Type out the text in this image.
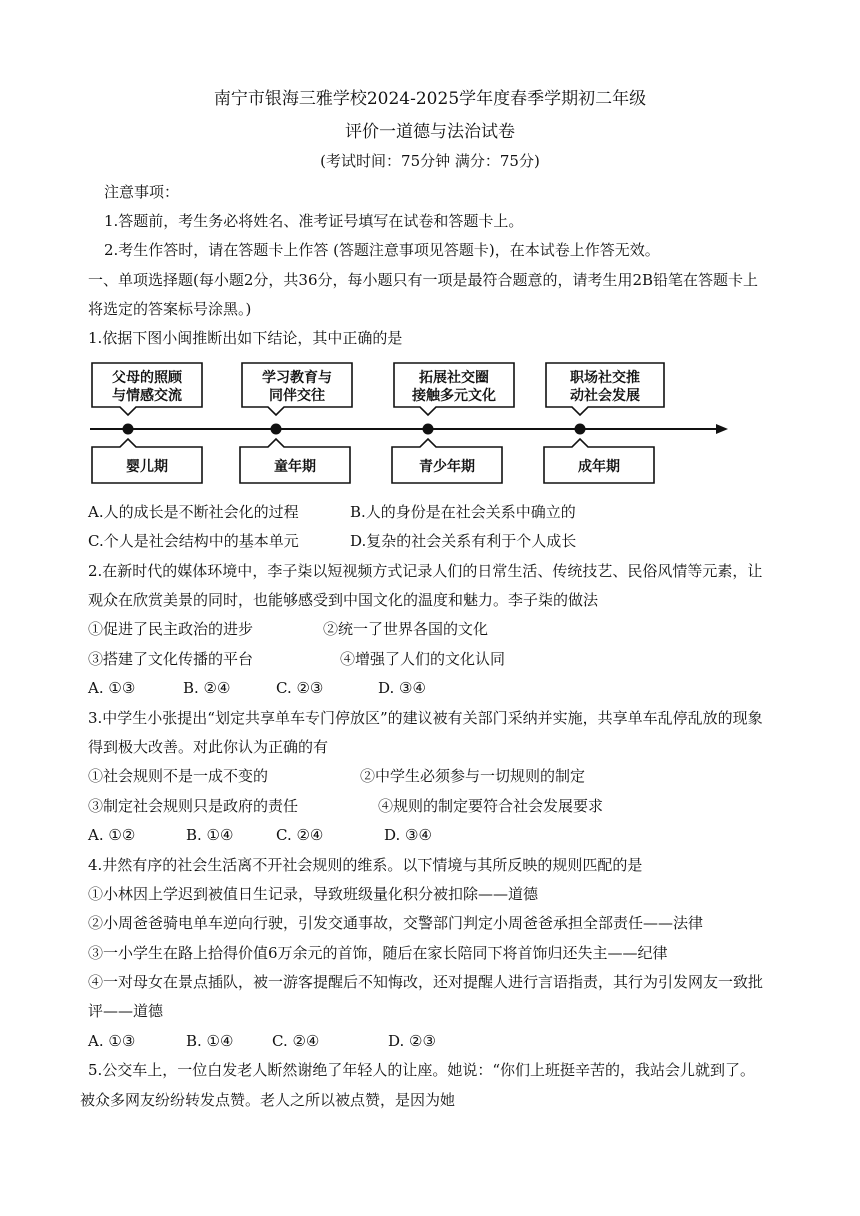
南宁市银海三雅学校2024-2025学年度春季学期初二年级
评价一道德与法治试卷
(考试时间：75分钟 满分：75分)
注意事项：
1.答题前，考生务必将姓名、准考证号填写在试卷和答题卡上。
2.考生作答时，请在答题卡上作答 (答题注意事项见答题卡)，在本试卷上作答无效。
一、单项选择题(每小题2分，共36分，每小题只有一项是最符合题意的，请考生用2B铅笔在答题卡上
将选定的答案标号涂黑。)
1.依据下图小闽推断出如下结论，其中正确的是
父母的照顾
与情感交流
婴儿期
学习教育与
同伴交往
童年期
拓展社交圈
接触多元文化
青少年期
职场社交推
动社会发展
成年期
A.人的成长是不断社会化的过程	B.人的身份是在社会关系中确立的
C.个人是社会结构中的基本单元	D.复杂的社会关系有利于个人成长
2.在新时代的媒体环境中，李子柒以短视频方式记录人们的日常生活、传统技艺、民俗风情等元素，让
观众在欣赏美景的同时，也能够感受到中国文化的温度和魅力。李子柒的做法
①促进了民主政治的进步	②统一了世界各国的文化
③搭建了文化传播的平台	④增强了人们的文化认同
A. ①③	B. ②④	C. ②③	D. ③④
3.中学生小张提出“划定共享单车专门停放区”的建议被有关部门采纳并实施，共享单车乱停乱放的现象
得到极大改善。对此你认为正确的有
①社会规则不是一成不变的	②中学生必须参与一切规则的制定
③制定社会规则只是政府的责任	④规则的制定要符合社会发展要求
A. ①②	B. ①④	C. ②④	D. ③④
4.井然有序的社会生活离不开社会规则的维系。以下情境与其所反映的规则匹配的是
①小林因上学迟到被值日生记录，导致班级量化积分被扣除——道德
②小周爸爸骑电单车逆向行驶，引发交通事故，交警部门判定小周爸爸承担全部责任——法律
③一小学生在路上拾得价值6万余元的首饰，随后在家长陪同下将首饰归还失主——纪律
④一对母女在景点插队，被一游客提醒后不知悔改，还对提醒人进行言语指责，其行为引发网友一致批
评——道德
A. ①③	B. ①④	C. ②④	D. ②③
5.公交车上，一位白发老人断然谢绝了年轻人的让座。她说：“你们上班挺辛苦的，我站会儿就到了。
被众多网友纷纷转发点赞。老人之所以被点赞，是因为她
